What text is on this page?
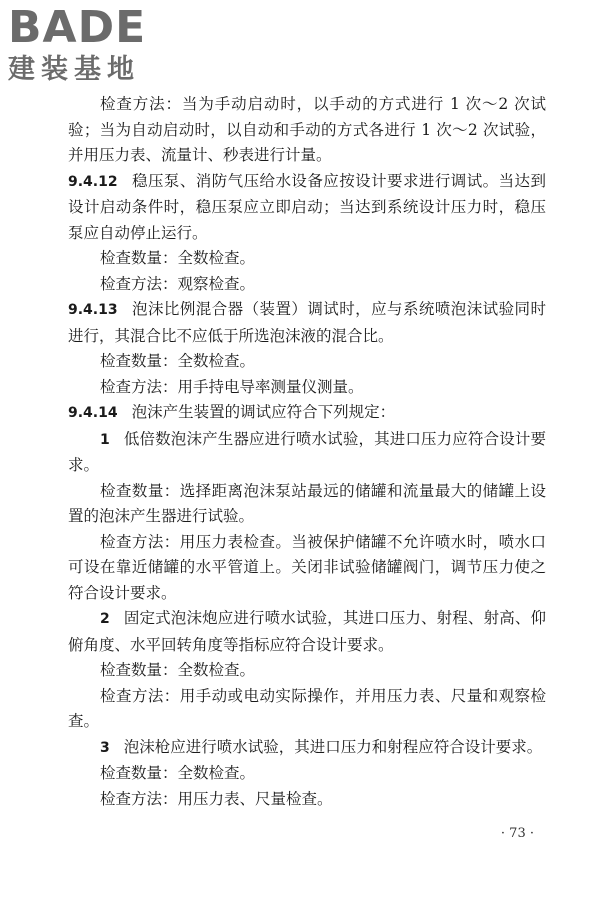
BADE
建装基地

检查方法：当为手动启动时，以手动的方式进行 1 次～2 次试验；当为自动启动时，以自动和手动的方式各进行 1 次～2 次试验，并用压力表、流量计、秒表进行计量。

9.4.12 稳压泵、消防气压给水设备应按设计要求进行调试。当达到设计启动条件时，稳压泵应立即启动；当达到系统设计压力时，稳压泵应自动停止运行。

检查数量：全数检查。

检查方法：观察检查。

9.4.13 泡沫比例混合器（装置）调试时，应与系统喷泡沫试验同时进行，其混合比不应低于所选泡沫液的混合比。

检查数量：全数检查。

检查方法：用手持电导率测量仪测量。

9.4.14 泡沫产生装置的调试应符合下列规定：

1 低倍数泡沫产生器应进行喷水试验，其进口压力应符合设计要求。

检查数量：选择距离泡沫泵站最远的储罐和流量最大的储罐上设置的泡沫产生器进行试验。

检查方法：用压力表检查。当被保护储罐不允许喷水时，喷水口可设在靠近储罐的水平管道上。关闭非试验储罐阀门，调节压力使之符合设计要求。

2 固定式泡沫炮应进行喷水试验，其进口压力、射程、射高、仰俯角度、水平回转角度等指标应符合设计要求。

检查数量：全数检查。

检查方法：用手动或电动实际操作，并用压力表、尺量和观察检查。

3 泡沫枪应进行喷水试验，其进口压力和射程应符合设计要求。

检查数量：全数检查。

检查方法：用压力表、尺量检查。

· 73 ·
